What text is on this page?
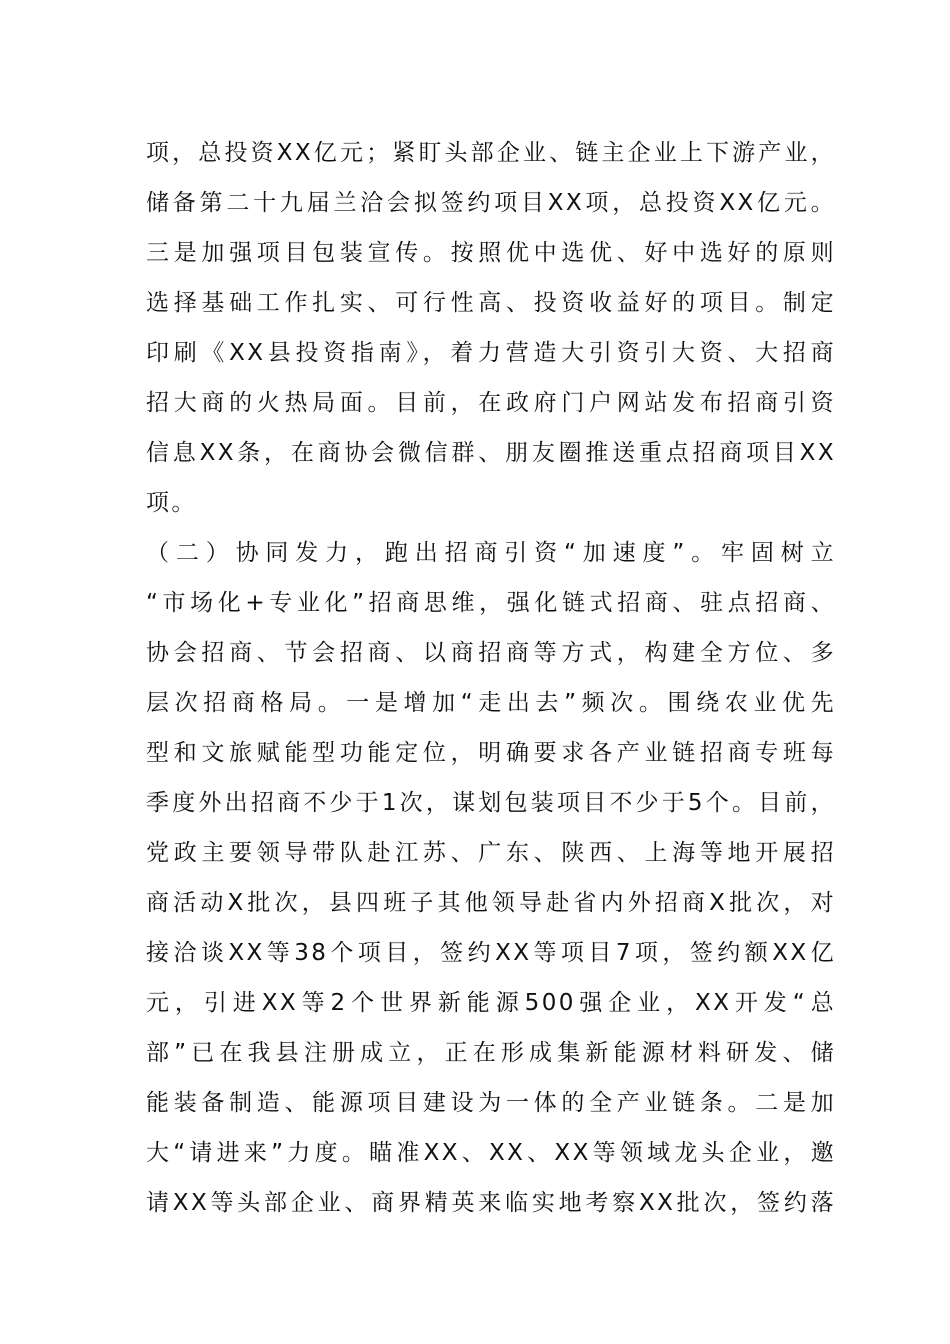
项，总投资XX亿元；紧盯头部企业、链主企业上下游产业，
储备第二十九届兰洽会拟签约项目XX项，总投资XX亿元。
三是加强项目包装宣传。按照优中选优、好中选好的原则
选择基础工作扎实、可行性高、投资收益好的项目。制定
印刷《XX县投资指南》，着力营造大引资引大资、大招商
招大商的火热局面。目前，在政府门户网站发布招商引资
信息XX条，在商协会微信群、朋友圈推送重点招商项目XX
项。
（二）协同发力，跑出招商引资“加速度”。牢固树立
“市场化+专业化”招商思维，强化链式招商、驻点招商、
协会招商、节会招商、以商招商等方式，构建全方位、多
层次招商格局。一是增加“走出去”频次。围绕农业优先
型和文旅赋能型功能定位，明确要求各产业链招商专班每
季度外出招商不少于1次，谋划包装项目不少于5个。目前，
党政主要领导带队赴江苏、广东、陕西、上海等地开展招
商活动X批次，县四班子其他领导赴省内外招商X批次，对
接洽谈XX等38个项目，签约XX等项目7项，签约额XX亿
元，引进XX等2个世界新能源500强企业，XX开发“总
部”已在我县注册成立，正在形成集新能源材料研发、储
能装备制造、能源项目建设为一体的全产业链条。二是加
大“请进来”力度。瞄准XX、XX、XX等领域龙头企业，邀
请XX等头部企业、商界精英来临实地考察XX批次，签约落
